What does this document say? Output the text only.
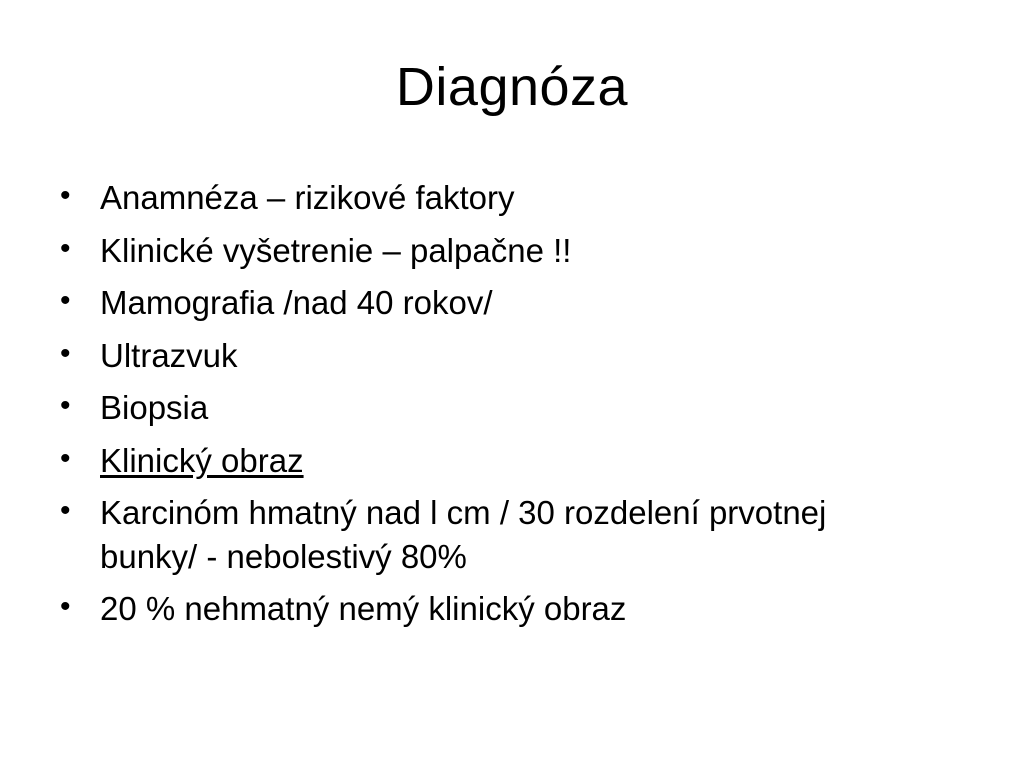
Diagnóza
• Anamnéza – rizikové faktory
• Klinické vyšetrenie – palpačne !!
• Mamografia /nad 40 rokov/
• Ultrazvuk
• Biopsia
• Klinický obraz
• Karcinóm hmatný nad l cm / 30 rozdelení prvotnej bunky/ - nebolestivý 80%
• 20 % nehmatný nemý klinický obraz
